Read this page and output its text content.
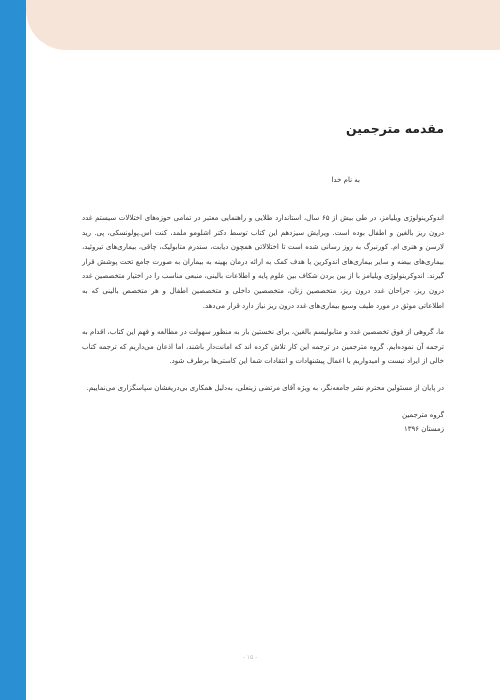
مقدمه مترجمین
به نام خدا

اندوکرینولوژی ویلیامز، در طی بیش از ۶۵ سال، استاندارد طلایی و راهنمایی معتبر در تمامی حوزه‌های اختلالات سیستم غدد درون ریز بالغین و اطفال بوده است. ویرایش سیزدهم این کتاب توسط دکتر اشلومو ملمد، کنت اس.پولونسکی، پی. رید لارسن و هنری ام. کورنبرگ به روز رسانی شده است تا اختلالاتی همچون دیابت، سندرم متابولیک، چاقی، بیماری‌های تیروئید، بیماری‌های بیضه و سایر بیماری‌های اندوکرین با هدف کمک به ارائه درمان بهینه به بیماران به صورت جامع تحت پوشش قرار گیرند. اندوکرینولوژی ویلیامز با از بین بردن شکاف بین علوم پایه و اطلاعات بالینی، منبعی مناسب را در اختیار متخصصین غدد درون ریز، جراحان غدد درون ریز، متخصصین زنان، متخصصین داخلی و متخصصین اطفال و هر متخصص بالینی که به اطلاعاتی موثق در مورد طیف وسیع بیماری‌های غدد درون ریز نیاز دارد قرار می‌دهد.

ما، گروهی از فوق تخصصین غدد و متابولیسم بالغین، برای نخستین بار به منظور سهولت در مطالعه و فهم این کتاب، اقدام به ترجمه آن نموده‌ایم. گروه مترجمین در ترجمه این کار تلاش کرده اند که امانت‌دار باشند، اما اذعان می‌داریم که ترجمه کتاب خالی از ایراد نیست و امیدواریم با اعمال پیشنهادات و انتقادات شما این کاستی‌ها برطرف شود.

در پایان از مسئولین محترم نشر جامعه‌نگر، به ویژه آقای مرتضی زینعلی، به‌دلیل همکاری بی‌دریغشان سپاسگزاری می‌نماییم.

گروه مترجمین
زمستان ۱۳۹۶
- ۱۵ -
